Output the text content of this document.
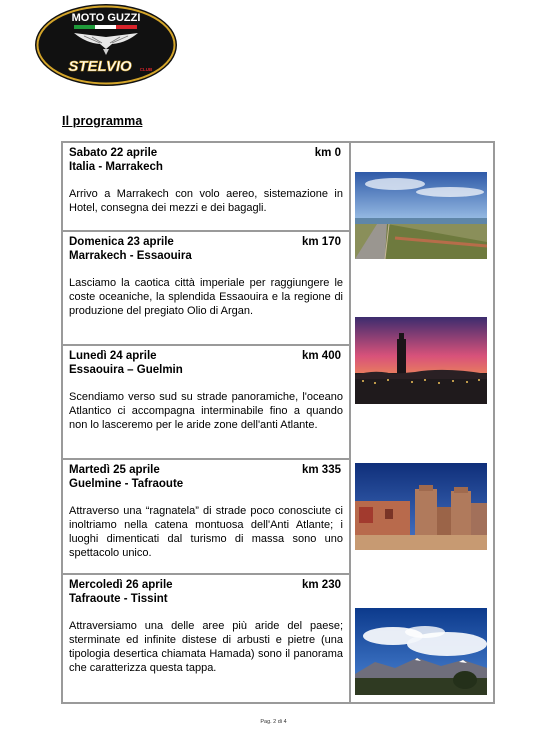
MOTO GUZZI
STELVIO CLUB
Il programma
Sabato 22 aprile	km 0
Italia - Marrakech
Arrivo a Marrakech con volo aereo, sistemazione in Hotel, consegna dei mezzi e dei bagagli.
Domenica 23 aprile	km 170
Marrakech - Essaouira
Lasciamo la caotica città imperiale per raggiungere le coste oceaniche, la splendida Essaouira e la regione di produzione del pregiato Olio di Argan.
Lunedì 24 aprile	km 400
Essaouira – Guelmin
Scendiamo verso sud su strade panoramiche, l'oceano Atlantico ci accompagna interminabile fino a quando non lo lasceremo per le aride zone dell'anti Atlante.
Martedì 25 aprile	km 335
Guelmine - Tafraoute
Attraverso una “ragnatela” di strade poco conosciute ci inoltriamo nella catena montuosa dell'Anti Atlante; i luoghi dimenticati dal turismo di massa sono uno spettacolo unico.
Mercoledì 26 aprile	km 230
Tafraoute - Tissint
Attraversiamo una delle aree più aride del paese; sterminate ed infinite distese di arbusti e pietre (una tipologia desertica chiamata Hamada) sono il panorama che caratterizza questa tappa.
Pag. 2 di 4
